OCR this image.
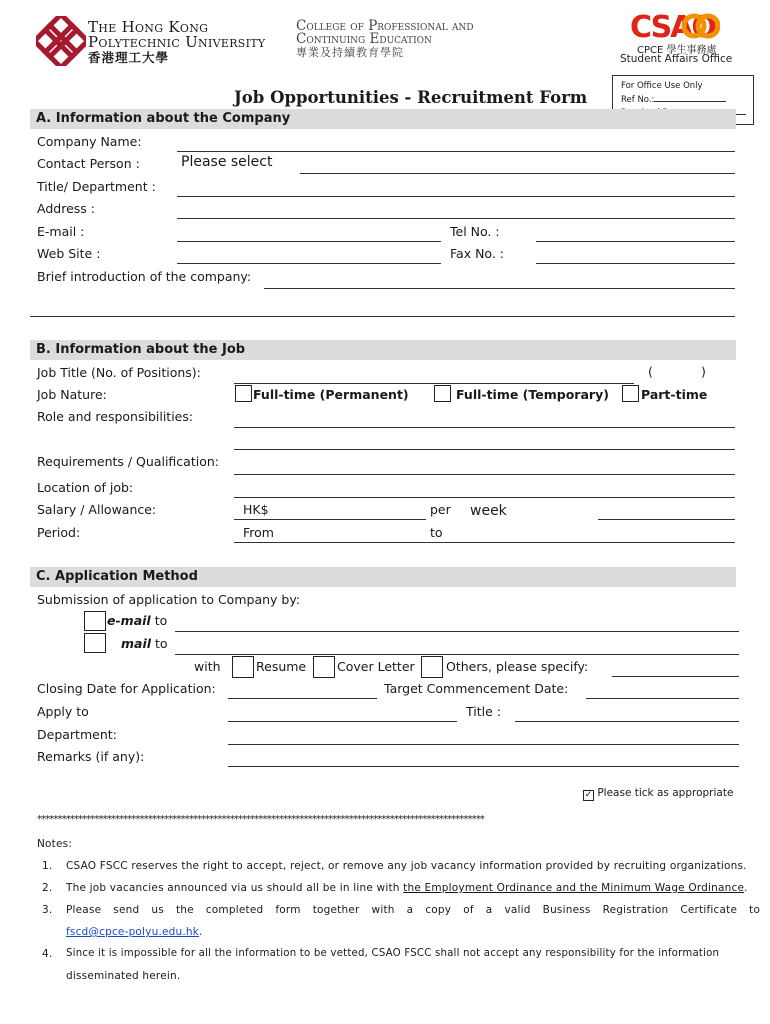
The Hong Kong
Polytechnic University
香港理工大學
College of Professional and
Continuing Education
專業及持續教育學院
CSAO
CPCE 學生事務處
Student Affairs Office
For Office Use Only
Ref No.:
Job Opportunities - Recruitment Form
A. Information about the Company
Company Name:
Contact Person :	Please select
Title/ Department :
Address :
E-mail :	Tel No. :
Web Site :	Fax No. :
Brief introduction of the company:
B. Information about the Job
Job Title (No. of Positions):	(	)
Job Nature:	Full-time (Permanent)	Full-time (Temporary)	Part-time
Role and responsibilities:
Requirements / Qualification:
Location of job:
Salary / Allowance:	HK$	per week
Period:	From	to
C. Application Method
Submission of application to Company by:
e-mail to
mail to
with	Resume Cover Letter	Others, please specify:
Closing Date for Application:	Target Commencement Date:
Apply to	Title :
Department:
Remarks (if any):
✓ Please tick as appropriate
*************************************************************************************************************
Notes:
1. CSAO FSCC reserves the right to accept, reject, or remove any job vacancy information provided by recruiting organizations.
2. The job vacancies announced via us should all be in line with the Employment Ordinance and the Minimum Wage Ordinance.
3. Please send us the completed form together with a copy of a valid Business Registration Certificate to
fscd@cpce-polyu.edu.hk.
4. Since it is impossible for all the information to be vetted, CSAO FSCC shall not accept any responsibility for the information
disseminated herein.
